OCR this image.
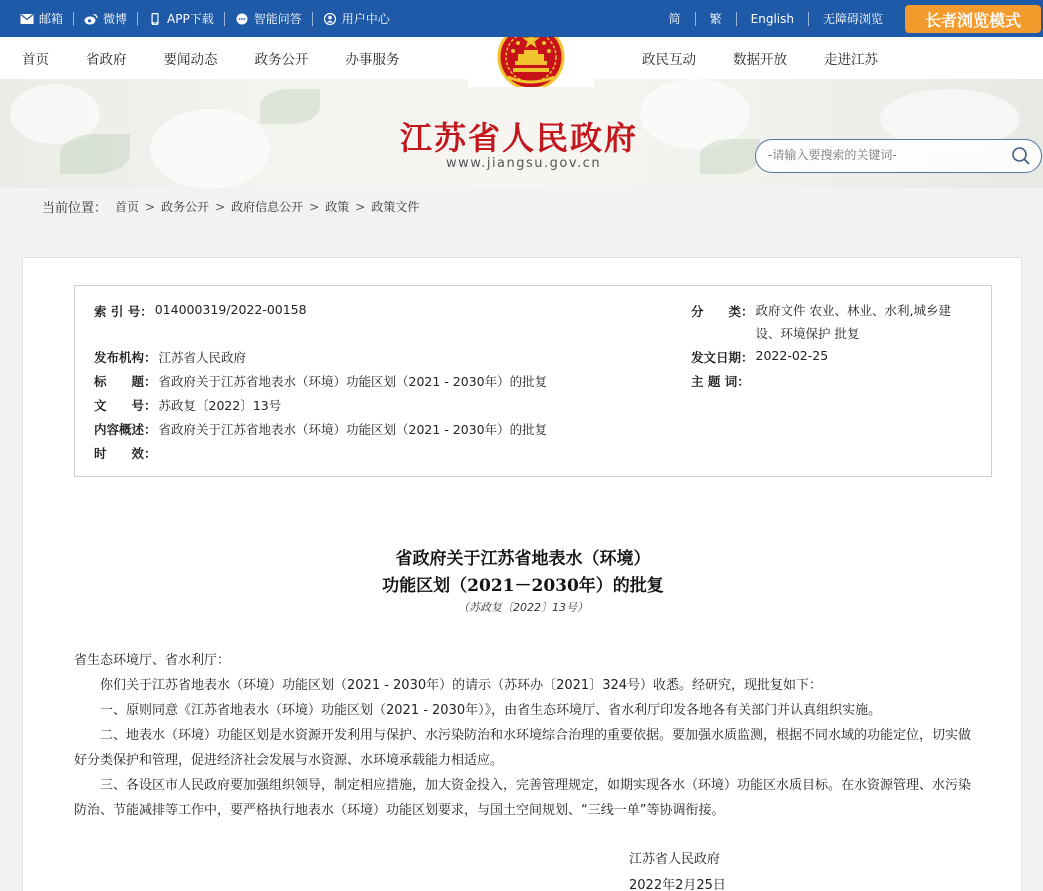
邮箱	微博	APP下载	智能问答	用户中心	简 繁 English 无障碍浏览	长者浏览模式
首页	省政府	要闻动态	政务公开	办事服务	政民互动	数据开放	走进江苏
江苏省人民政府
www.jiangsu.gov.cn
-请输入要搜索的关键词-
当前位置： 首页 > 政务公开 > 政府信息公开 > 政策 > 政策文件
索 引 号： 014000319/2022-00158	分　　类： 政府文件 农业、林业、水利,城乡建
设、环境保护 批复
发布机构： 江苏省人民政府	发文日期： 2022-02-25
标　　题： 省政府关于江苏省地表水（环境）功能区划（2021 - 2030年）的批复	主 题 词：
文　　号： 苏政复〔2022〕13号
内容概述： 省政府关于江苏省地表水（环境）功能区划（2021 - 2030年）的批复
时　　效：
省政府关于江苏省地表水（环境）
功能区划（2021－2030年）的批复
（苏政复〔2022〕13号）

省生态环境厅、省水利厅：

你们关于江苏省地表水（环境）功能区划（2021 - 2030年）的请示（苏环办〔2021〕324号）收悉。经研究，现批复如下：

一、原则同意《江苏省地表水（环境）功能区划（2021 - 2030年）》，由省生态环境厅、省水利厅印发各地各有关部门并认真组织实施。

二、地表水（环境）功能区划是水资源开发利用与保护、水污染防治和水环境综合治理的重要依据。要加强水质监测，根据不同水域的功能定位，切实做好分类保护和管理，促进经济社会发展与水资源、水环境承载能力相适应。

三、各设区市人民政府要加强组织领导，制定相应措施，加大资金投入，完善管理规定，如期实现各水（环境）功能区水质目标。在水资源管理、水污染防治、节能减排等工作中，要严格执行地表水（环境）功能区划要求，与国土空间规划、“三线一单”等协调衔接。

江苏省人民政府
2022年2月25日
